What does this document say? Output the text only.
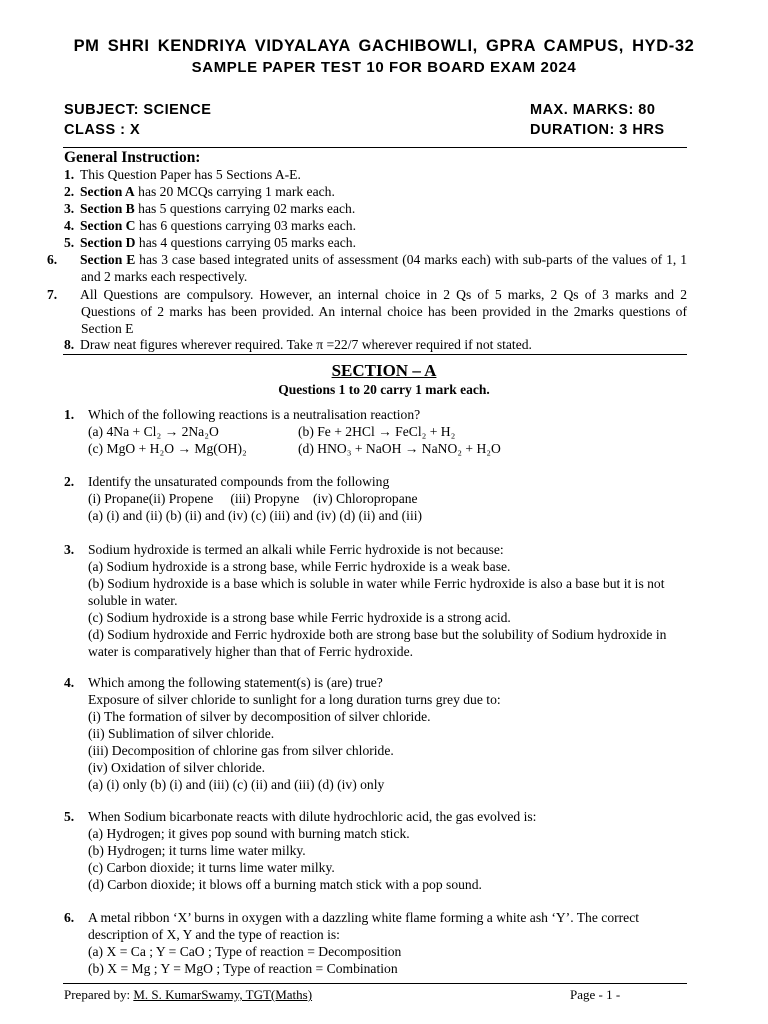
PM SHRI KENDRIYA VIDYALAYA GACHIBOWLI, GPRA CAMPUS, HYD-32
SAMPLE PAPER TEST 10 FOR BOARD EXAM 2024
SUBJECT: SCIENCE	MAX. MARKS: 80
CLASS : X	DURATION: 3 HRS
General Instruction:
1. This Question Paper has 5 Sections A-E.
2. Section A has 20 MCQs carrying 1 mark each.
3. Section B has 5 questions carrying 02 marks each.
4. Section C has 6 questions carrying 03 marks each.
5. Section D has 4 questions carrying 05 marks each.
6. Section E has 3 case based integrated units of assessment (04 marks each) with sub-parts of the values of 1, 1 and 2 marks each respectively.
7. All Questions are compulsory. However, an internal choice in 2 Qs of 5 marks, 2 Qs of 3 marks and 2 Questions of 2 marks has been provided. An internal choice has been provided in the 2marks questions of Section E
8. Draw neat figures wherever required. Take π =22/7 wherever required if not stated.
SECTION – A
Questions 1 to 20 carry 1 mark each.
1. Which of the following reactions is a neutralisation reaction?
(a) 4Na + Cl₂ → 2Na₂O	(b) Fe + 2HCl → FeCl₂ + H₂
(c) MgO + H₂O → Mg(OH)₂	(d) HNO₃ + NaOH → NaNO₂ + H₂O
2. Identify the unsaturated compounds from the following
(i) Propane(ii) Propene     (iii) Propyne    (iv) Chloropropane
(a) (i) and (ii) (b) (ii) and (iv) (c) (iii) and (iv) (d) (ii) and (iii)
3. Sodium hydroxide is termed an alkali while Ferric hydroxide is not because:
(a) Sodium hydroxide is a strong base, while Ferric hydroxide is a weak base.
(b) Sodium hydroxide is a base which is soluble in water while Ferric hydroxide is also a base but it is not soluble in water.
(c) Sodium hydroxide is a strong base while Ferric hydroxide is a strong acid.
(d) Sodium hydroxide and Ferric hydroxide both are strong base but the solubility of Sodium hydroxide in water is comparatively higher than that of Ferric hydroxide.
4. Which among the following statement(s) is (are) true?
Exposure of silver chloride to sunlight for a long duration turns grey due to:
(i) The formation of silver by decomposition of silver chloride.
(ii) Sublimation of silver chloride.
(iii) Decomposition of chlorine gas from silver chloride.
(iv) Oxidation of silver chloride.
(a) (i) only (b) (i) and (iii) (c) (ii) and (iii) (d) (iv) only
5. When Sodium bicarbonate reacts with dilute hydrochloric acid, the gas evolved is:
(a) Hydrogen; it gives pop sound with burning match stick.
(b) Hydrogen; it turns lime water milky.
(c) Carbon dioxide; it turns lime water milky.
(d) Carbon dioxide; it blows off a burning match stick with a pop sound.
6. A metal ribbon ‘X’ burns in oxygen with a dazzling white flame forming a white ash ‘Y’. The correct description of X, Y and the type of reaction is:
(a) X = Ca ; Y = CaO ; Type of reaction = Decomposition
(b) X = Mg ; Y = MgO ; Type of reaction = Combination
Prepared by: M. S. KumarSwamy, TGT(Maths)	Page - 1 -
